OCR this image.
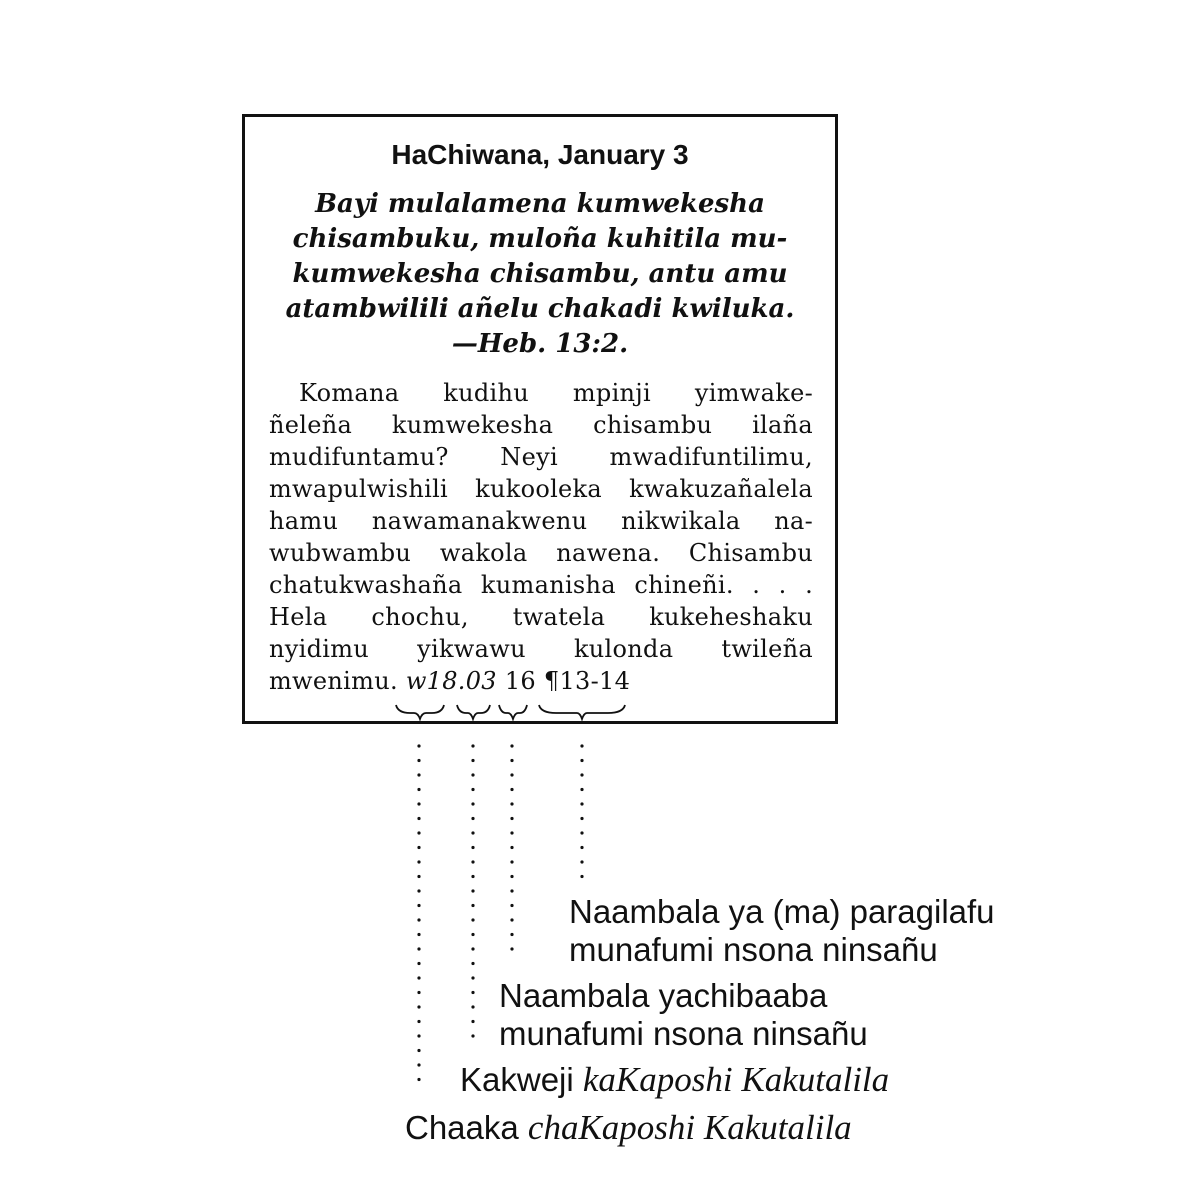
HaChiwana, January 3
Bayi mulalamena kumwekesha
chisambuku, muloña kuhitila mu-
kumwekesha chisambu, antu amu
atambwilili añelu chakadi kwiluka.
—Heb. 13:2.
Komana kudihu mpinji yimwake-
ñeleña kumwekesha chisambu ilaña
mudifuntamu? Neyi mwadifuntilimu,
mwapulwishili kukooleka kwakuzañalela
hamu nawamanakwenu nikwikala na-
wubwambu wakola nawena. Chisambu
chatukwashaña kumanisha chineñi. . . .
Hela chochu, twatela kukeheshaku
nyidimu yikwawu kulonda twileña
mwenimu. w18.03 16 ¶13-14
Naambala ya (ma) paragilafu
munafumi nsona ninsañu
Naambala yachibaaba
munafumi nsona ninsañu
Kakweji kaKaposhi Kakutalila
Chaaka chaKaposhi Kakutalila
